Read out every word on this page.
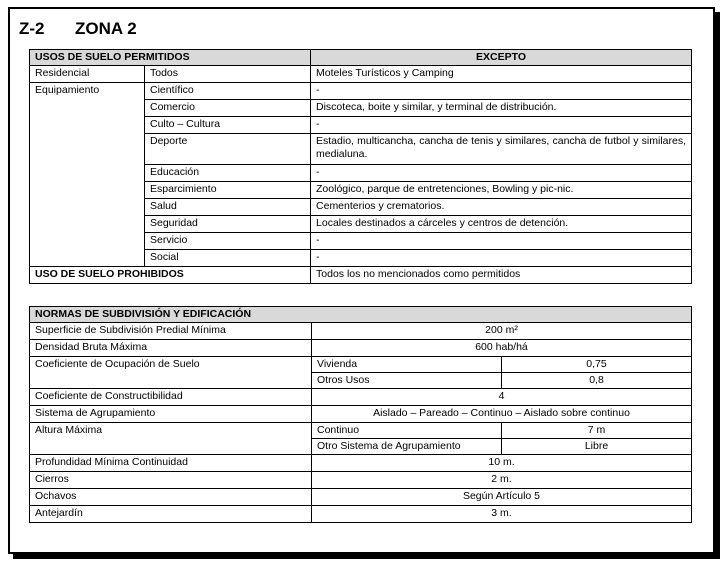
Z-2 ZONA 2
USOS DE SUELO PERMITIDOS		EXCEPTO
Residencial	Todos	Moteles Turísticos y Camping
Equipamiento	Científico	-
	Comercio	Discoteca, boite y similar, y terminal de distribución.
	Culto – Cultura	-
	Deporte	Estadio, multicancha, cancha de tenis y similares, cancha de futbol y similares, medialuna.
	Educación	-
	Esparcimiento	Zoológico, parque de entretenciones, Bowling y pic-nic.
	Salud	Cementerios y crematorios.
	Seguridad	Locales destinados a cárceles y centros de detención.
	Servicio	-
	Social	-
USO DE SUELO PROHIBIDOS		Todos los no mencionados como permitidos
NORMAS DE SUBDIVISIÓN Y EDIFICACIÓN		
Superficie de Subdivisión Predial Mínima	200 m²	
Densidad Bruta Máxima	600 hab/há	
Coeficiente de Ocupación de Suelo	Vivienda	0,75
	Otros Usos	0,8
Coeficiente de Constructibilidad	4	
Sistema de Agrupamiento	Aislado – Pareado – Continuo – Aislado sobre continuo	
Altura Máxima	Continuo	7 m
	Otro Sistema de Agrupamiento	Libre
Profundidad Mínima Continuidad	10 m.	
Cierros	2 m.	
Ochavos	Según Artículo 5	
Antejardín	3 m.	
